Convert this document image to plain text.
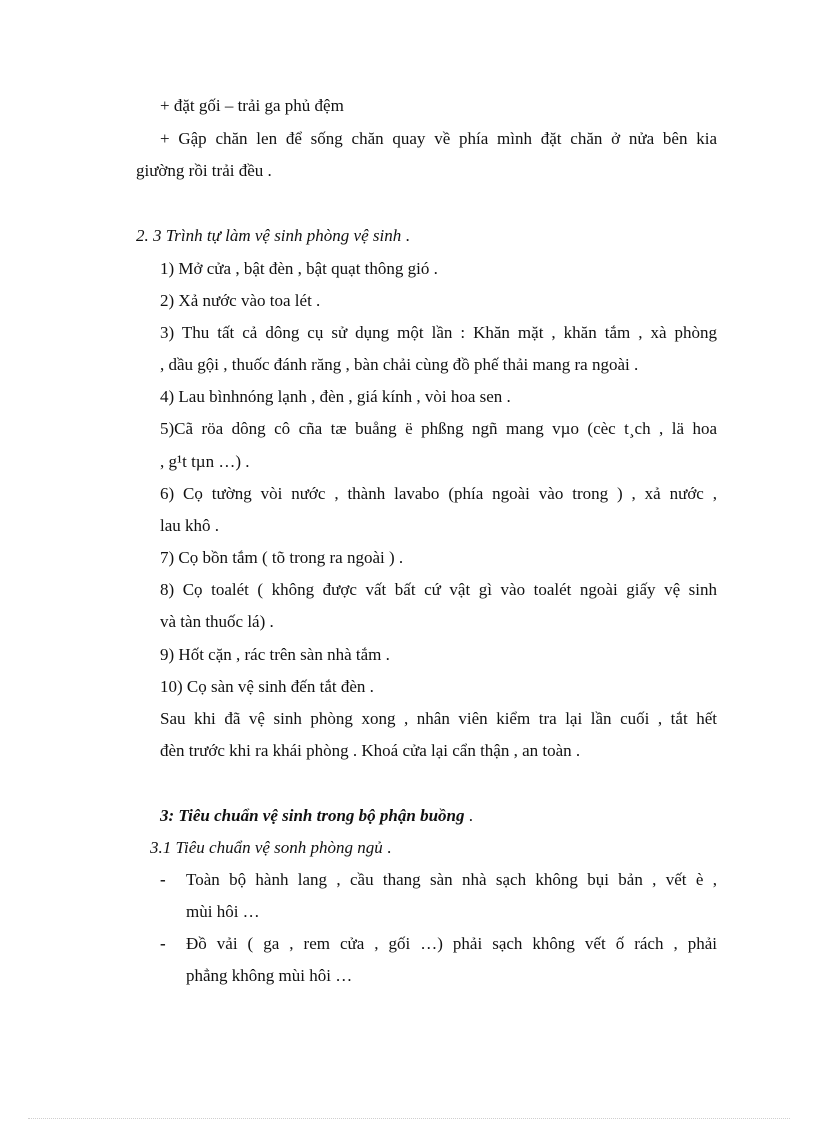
+ đặt gối – trải ga phủ đệm
+ Gập chăn len để sống chăn quay về phía mình đặt chăn ở nửa bên kia
giường rồi trải đều .
2. 3 Trình tự làm vệ sinh phòng vệ sinh .
1) Mở cửa , bật đèn , bật quạt thông gió .
2) Xả nước vào toa lét .
3) Thu tất cả dông cụ sử dụng một lần : Khăn mặt , khăn tắm , xà phòng
, dầu gội , thuốc đánh răng , bàn chải cùng đồ phế thải mang ra ngoài .
4) Lau bìnhnóng lạnh , đèn , giá kính , vòi hoa sen .
5)Cã röa dông cô cña tæ buång ë phßng ngñ mang vµo (cèc t¸ch , lä hoa
, g¹t tµn …) .
6) Cọ tường vòi nước , thành lavabo (phía ngoài vào trong ) , xả nước ,
lau khô .
7) Cọ bồn tắm ( tõ trong ra ngoài ) .
8) Cọ toalét ( không được vất bất cứ vật gì vào toalét ngoài giấy vệ sinh
và tàn thuốc lá) .
9) Hốt cặn , rác trên sàn nhà tắm .
10) Cọ sàn vệ sinh đến tắt đèn .
Sau khi đã vệ sinh phòng xong , nhân viên kiểm tra lại lần cuối , tắt hết
đèn trước khi ra khái phòng . Khoá cửa lại cẩn thận , an toàn .
3: Tiêu chuẩn vệ sinh trong bộ phận buồng .
3.1 Tiêu chuẩn vệ sonh phòng ngủ .
- Toàn bộ hành lang , cầu thang sàn nhà sạch không bụi bản , vết è ,
mùi hôi …
- Đồ vải ( ga , rem cửa , gối …) phải sạch không vết ố rách , phải
phẳng không mùi hôi …
